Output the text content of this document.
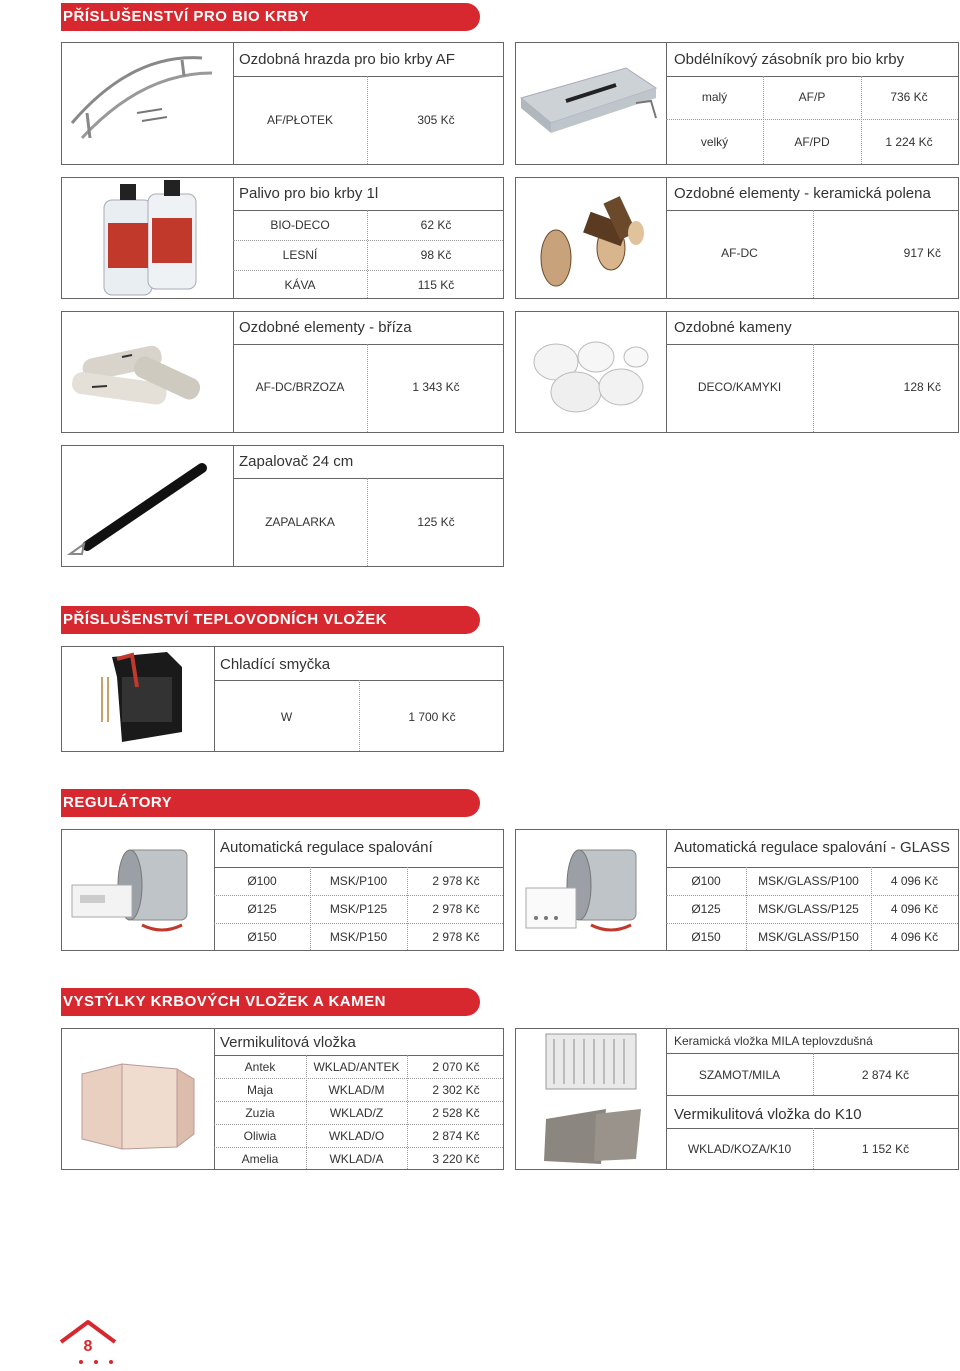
PŘÍSLUŠENSTVÍ PRO BIO KRBY
Ozdobná hrazda pro bio krby AF
AF/PŁOTEK	305 Kč
Obdélníkový zásobník pro bio krby
malý	AF/P	736 Kč
velký	AF/PD	1 224 Kč
Palivo pro bio krby 1l
BIO-DECO	62 Kč
LESNÍ	98 Kč
KÁVA	115 Kč
Ozdobné elementy - keramická polena
AF-DC	917 Kč
Ozdobné elementy - bříza
AF-DC/BRZOZA	1 343 Kč
Ozdobné kameny
DECO/KAMYKI	128 Kč
Zapalovač 24 cm
ZAPALARKA	125 Kč
PŘÍSLUŠENSTVÍ TEPLOVODNÍCH VLOŽEK
Chladící smyčka
W	1 700 Kč
REGULÁTORY
Automatická regulace spalování
Ø100	MSK/P100	2 978 Kč
Ø125	MSK/P125	2 978 Kč
Ø150	MSK/P150	2 978 Kč
Automatická regulace spalování - GLASS
Ø100	MSK/GLASS/P100	4 096 Kč
Ø125	MSK/GLASS/P125	4 096 Kč
Ø150	MSK/GLASS/P150	4 096 Kč
VYSTÝLKY KRBOVÝCH VLOŽEK A KAMEN
Vermikulitová vložka
Antek	WKLAD/ANTEK	2 070 Kč
Maja	WKLAD/M	2 302 Kč
Zuzia	WKLAD/Z	2 528 Kč
Oliwia	WKLAD/O	2 874 Kč
Amelia	WKLAD/A	3 220 Kč
Keramická vložka MILA teplovzdušná
SZAMOT/MILA	2 874 Kč
Vermikulitová vložka do K10
WKLAD/KOZA/K10	1 152 Kč
8
